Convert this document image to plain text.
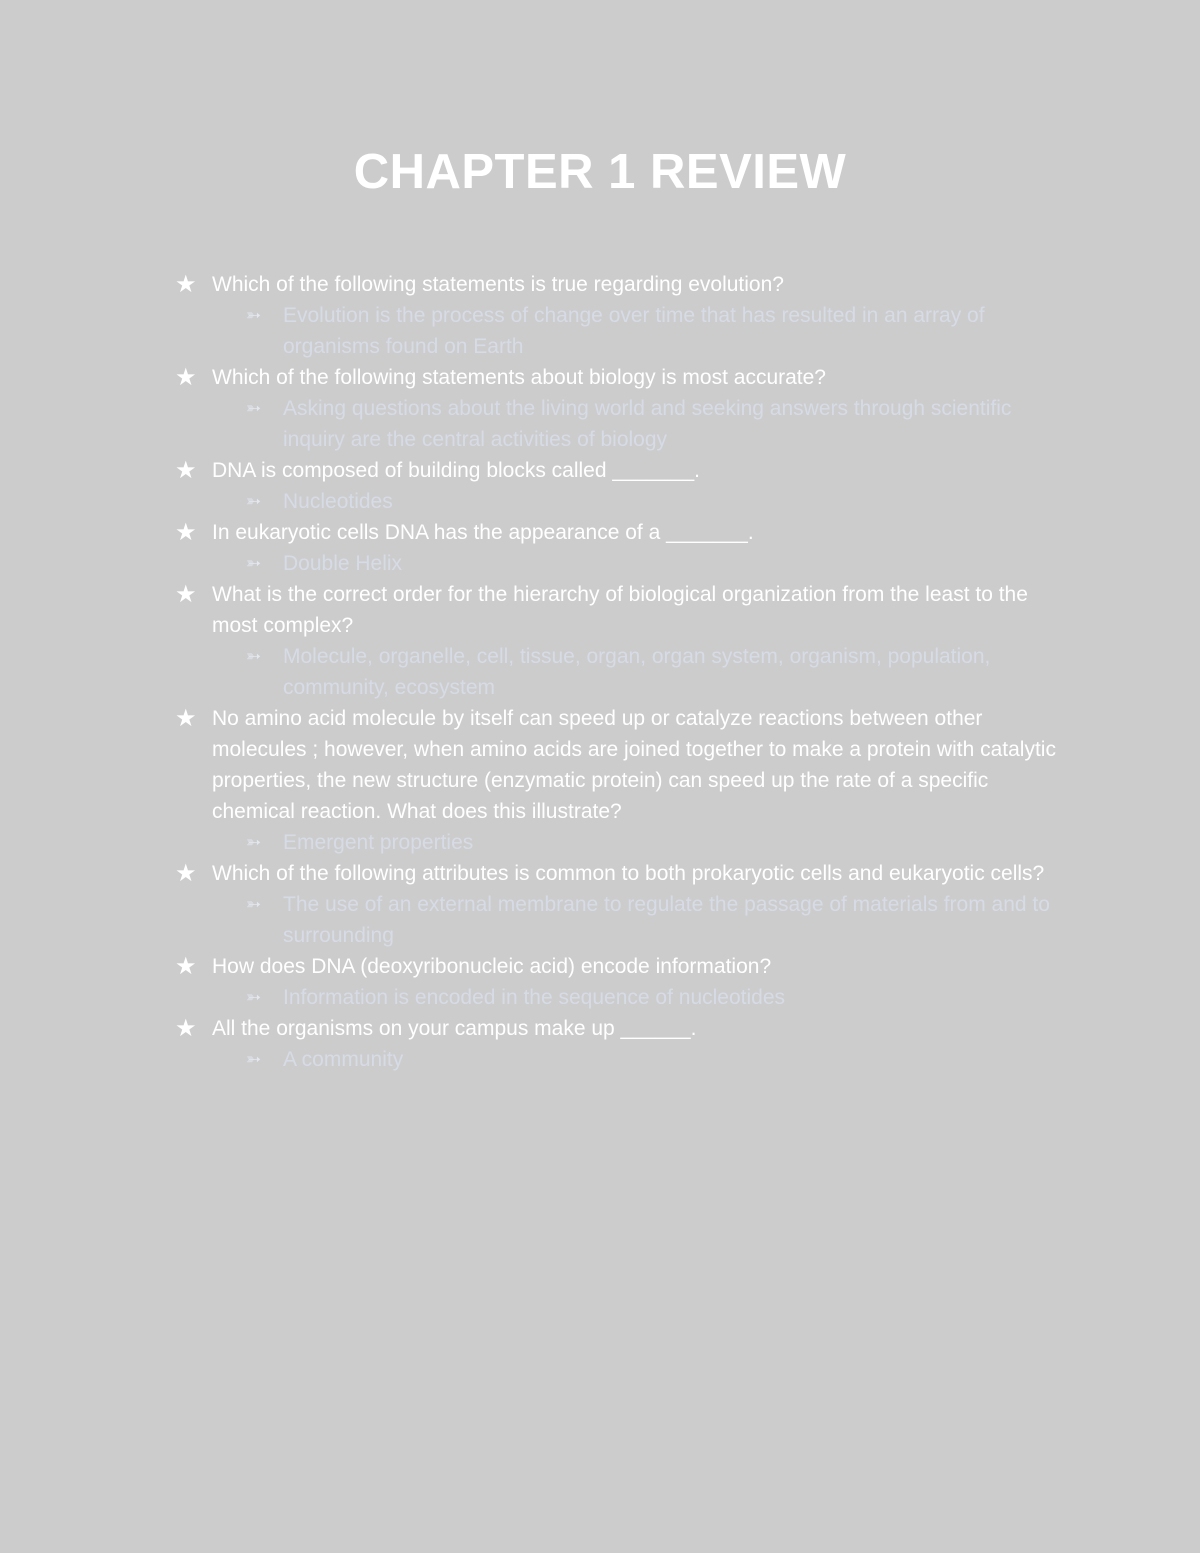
CHAPTER 1 REVIEW
★ Which of the following statements is true regarding evolution?
➳	Evolution is the process of change over time that has resulted in an array of organisms found on Earth
★ Which of the following statements about biology is most accurate?
➳	Asking questions about the living world and seeking answers through scientific inquiry are the central activities of biology
★ DNA is composed of building blocks called _______.
➳	Nucleotides
★ In eukaryotic cells DNA has the appearance of a _______.
➳	Double Helix
★ What is the correct order for the hierarchy of biological organization from the least to the most complex?
➳	Molecule, organelle, cell, tissue, organ, organ system, organism, population, community, ecosystem
★ No amino acid molecule by itself can speed up or catalyze reactions between other molecules ; however, when amino acids are joined together to make a protein with catalytic properties, the new structure (enzymatic protein) can speed up the rate of a specific chemical reaction. What does this illustrate?
➳	Emergent properties
★ Which of the following attributes is common to both prokaryotic cells and eukaryotic cells?
➳	The use of an external membrane to regulate the passage of materials from and to surrounding
★ How does DNA (deoxyribonucleic acid) encode information?
➳	Information is encoded in the sequence of nucleotides
★ All the organisms on your campus make up ______.
➳	A community
